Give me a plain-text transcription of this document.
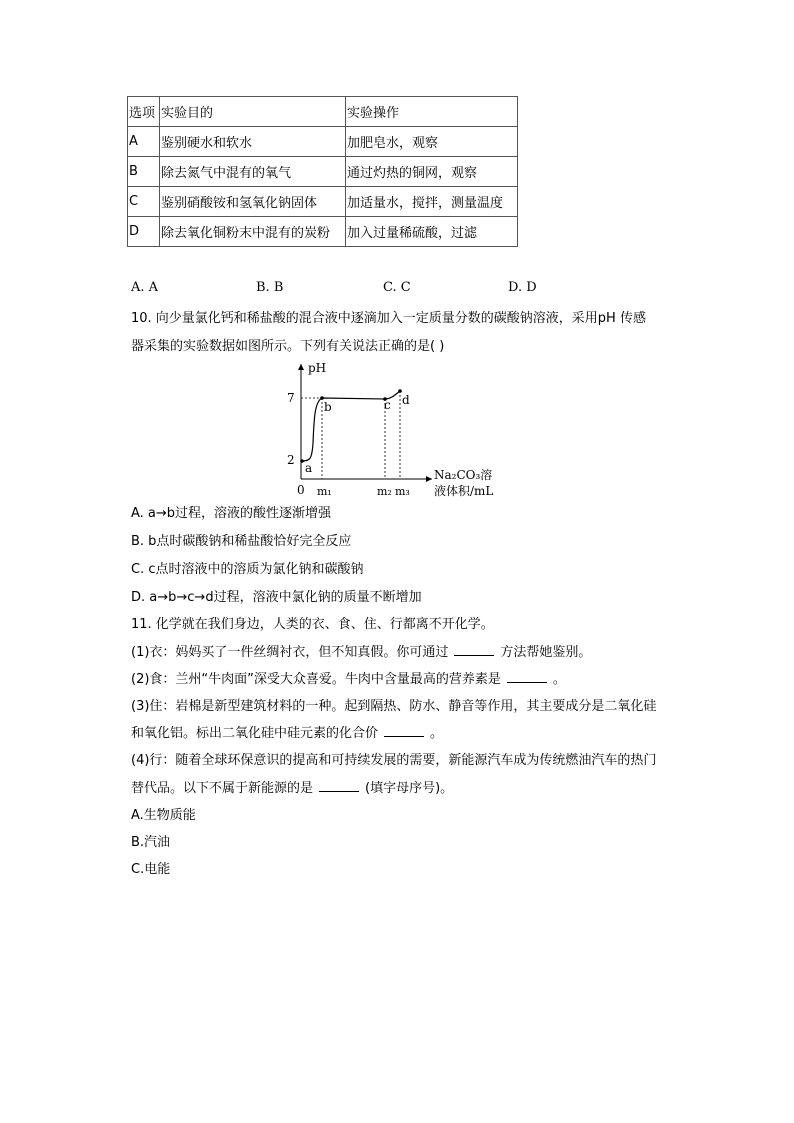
选项	实验目的	实验操作
A	鉴别硬水和软水	加肥皂水，观察
B	除去氮气中混有的氧气	通过灼热的铜网，观察
C	鉴别硝酸铵和氢氧化钠固体	加适量水，搅拌，测量温度
D	除去氧化铜粉末中混有的炭粉	加入过量稀硫酸，过滤
A. A	B. B	C. C	D. D
10. 向少量氯化钙和稀盐酸的混合液中逐滴加入一定质量分数的碳酸钠溶液，采用pH 传感
器采集的实验数据如图所示。下列有关说法正确的是( )
pH
7
2
a
b	c d
0 m₁	m₂ m₃
Na₂CO₃溶
液体积/mL
A. a→b过程，溶液的酸性逐渐增强
B. b点时碳酸钠和稀盐酸恰好完全反应
C. c点时溶液中的溶质为氯化钠和碳酸钠
D. a→b→c→d过程，溶液中氯化钠的质量不断增加
11. 化学就在我们身边，人类的衣、食、住、行都离不开化学。
(1)衣：妈妈买了一件丝绸衬衣，但不知真假。你可通过	方法帮她鉴别。
(2)食：兰州“牛肉面”深受大众喜爱。牛肉中含量最高的营养素是	。
(3)住：岩棉是新型建筑材料的一种。起到隔热、防水、静音等作用，其主要成分是二氧化硅
和氧化铝。标出二氧化硅中硅元素的化合价	。
(4)行：随着全球环保意识的提高和可持续发展的需要，新能源汽车成为传统燃油汽车的热门
替代品。以下不属于新能源的是	(填字母序号)。
A.生物质能
B.汽油
C.电能
